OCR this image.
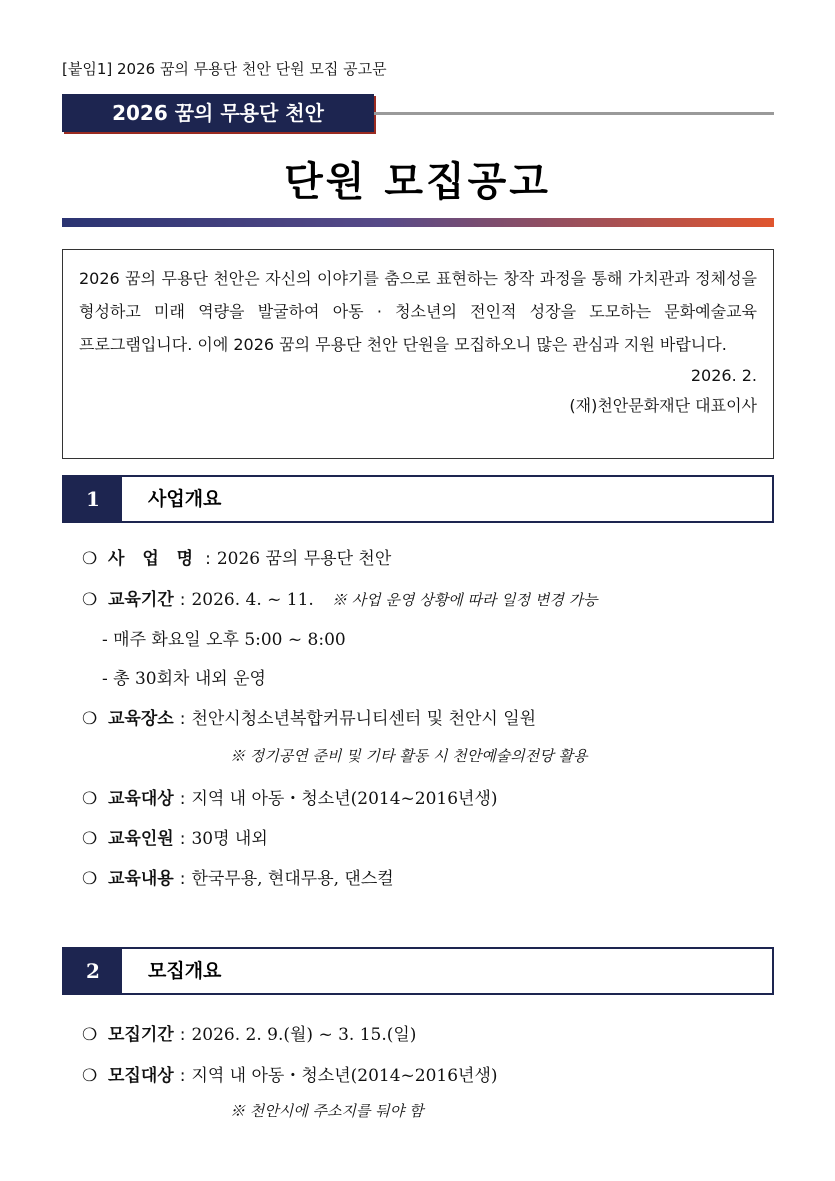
[붙임1] 2026 꿈의 무용단 천안 단원 모집 공고문
2026 꿈의 무용단 천안
단원 모집공고

2026 꿈의 무용단 천안은 자신의 이야기를 춤으로 표현하는 창작 과정을 통해 가치관과 정체성을 형성하고 미래 역량을 발굴하여 아동 · 청소년의 전인적 성장을 도모하는 문화예술교육 프로그램입니다. 이에 2026 꿈의 무용단 천안 단원을 모집하오니 많은 관심과 지원 바랍니다.

2026. 2.
(재)천안문화재단 대표이사
1	사업개요
❍ 사 업 명 : 2026 꿈의 무용단 천안
❍ 교육기간 : 2026. 4. ~ 11. ※ 사업 운영 상황에 따라 일정 변경 가능
- 매주 화요일 오후 5:00 ~ 8:00
- 총 30회차 내외 운영
❍ 교육장소 : 천안시청소년복합커뮤니티센터 및 천안시 일원
※ 정기공연 준비 및 기타 활동 시 천안예술의전당 활용
❍ 교육대상 : 지역 내 아동・청소년(2014~2016년생)
❍ 교육인원 : 30명 내외
❍ 교육내용 : 한국무용, 현대무용, 댄스컬
2	모집개요
❍ 모집기간 : 2026. 2. 9.(월) ~ 3. 15.(일)
❍ 모집대상 : 지역 내 아동・청소년(2014~2016년생)
※ 천안시에 주소지를 둬야 함
